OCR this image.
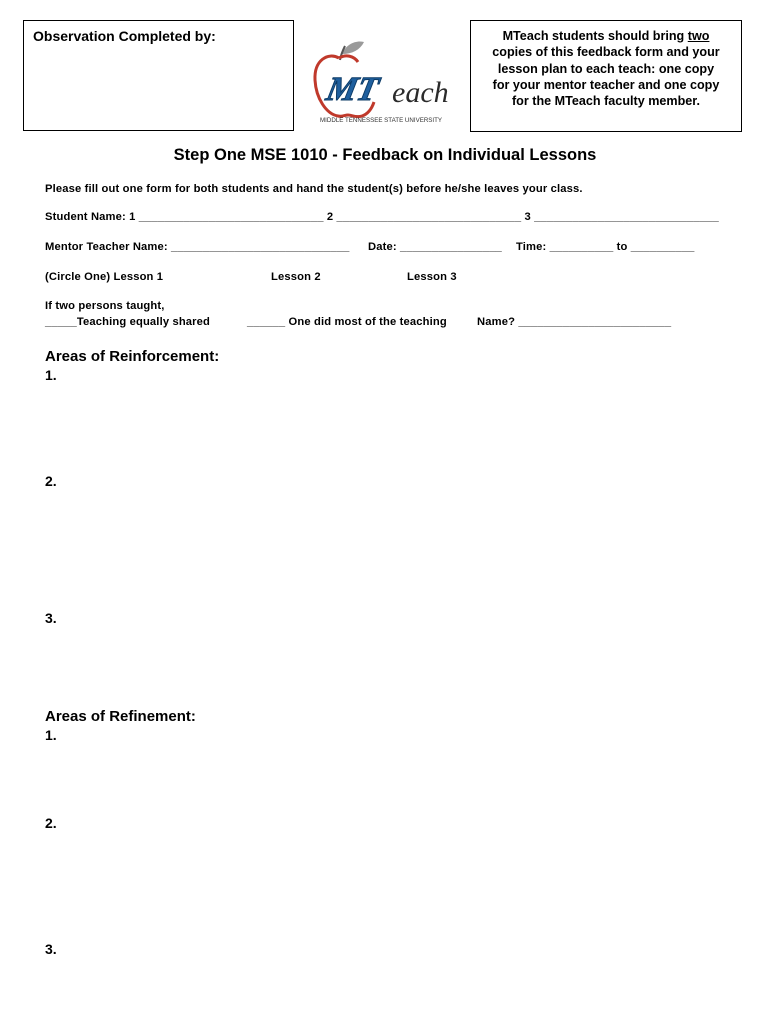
Observation Completed by:
MT each
MIDDLE TENNESSEE STATE UNIVERSITY
MTeach students should bring two
copies of this feedback form and your
lesson plan to each teach: one copy
for your mentor teacher and one copy
for the MTeach faculty member.
Step One MSE 1010 - Feedback on Individual Lessons
Please fill out one form for both students and hand the student(s) before he/she leaves your class.
Student Name: 1 _____________________________ 2 _____________________________ 3 _____________________________
Mentor Teacher Name: ____________________________ Date: ________________ Time: __________ to __________
(Circle One) Lesson 1	Lesson 2	Lesson 3
If two persons taught,
_____Teaching equally shared	______ One did most of the teaching	Name? ________________________
Areas of Reinforcement:
1.
2.
3.
Areas of Refinement:
1.
2.
3.
